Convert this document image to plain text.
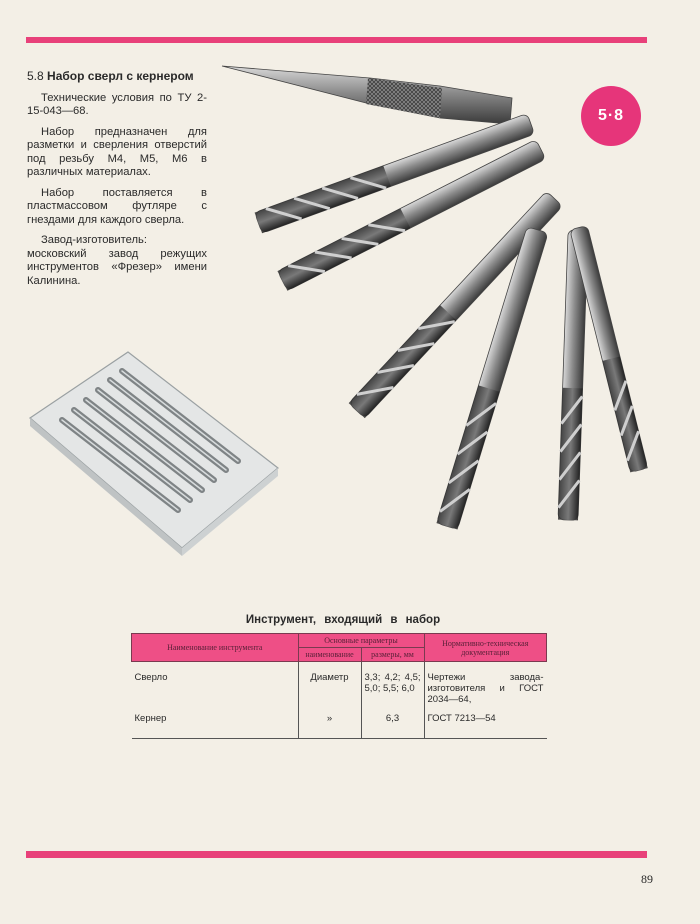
5.8 Набор сверл с кернером

Технические условия по ТУ 2-15-043—68.

Набор предназначен для разметки и сверления отверстий под резьбу М4, М5, М6 в различных материалах.

Набор поставляется в пластмассовом футляре с гнездами для каждого сверла.

Завод-изготовитель: московский завод режущих инструментов «Фрезер» имени Калинина.

5·8
Инструмент, входящий в набор
Наименование инструмента	Основные параметры		Нормативно-техническая документация
	наименование	размеры, мм	
Сверло	Диаметр	3,3; 4,2; 4,5; 5,0; 5,5; 6,0	Чертежи завода-изготовителя и ГОСТ 2034—64,
Кернер	»	6,3	ГОСТ 7213—54
89
